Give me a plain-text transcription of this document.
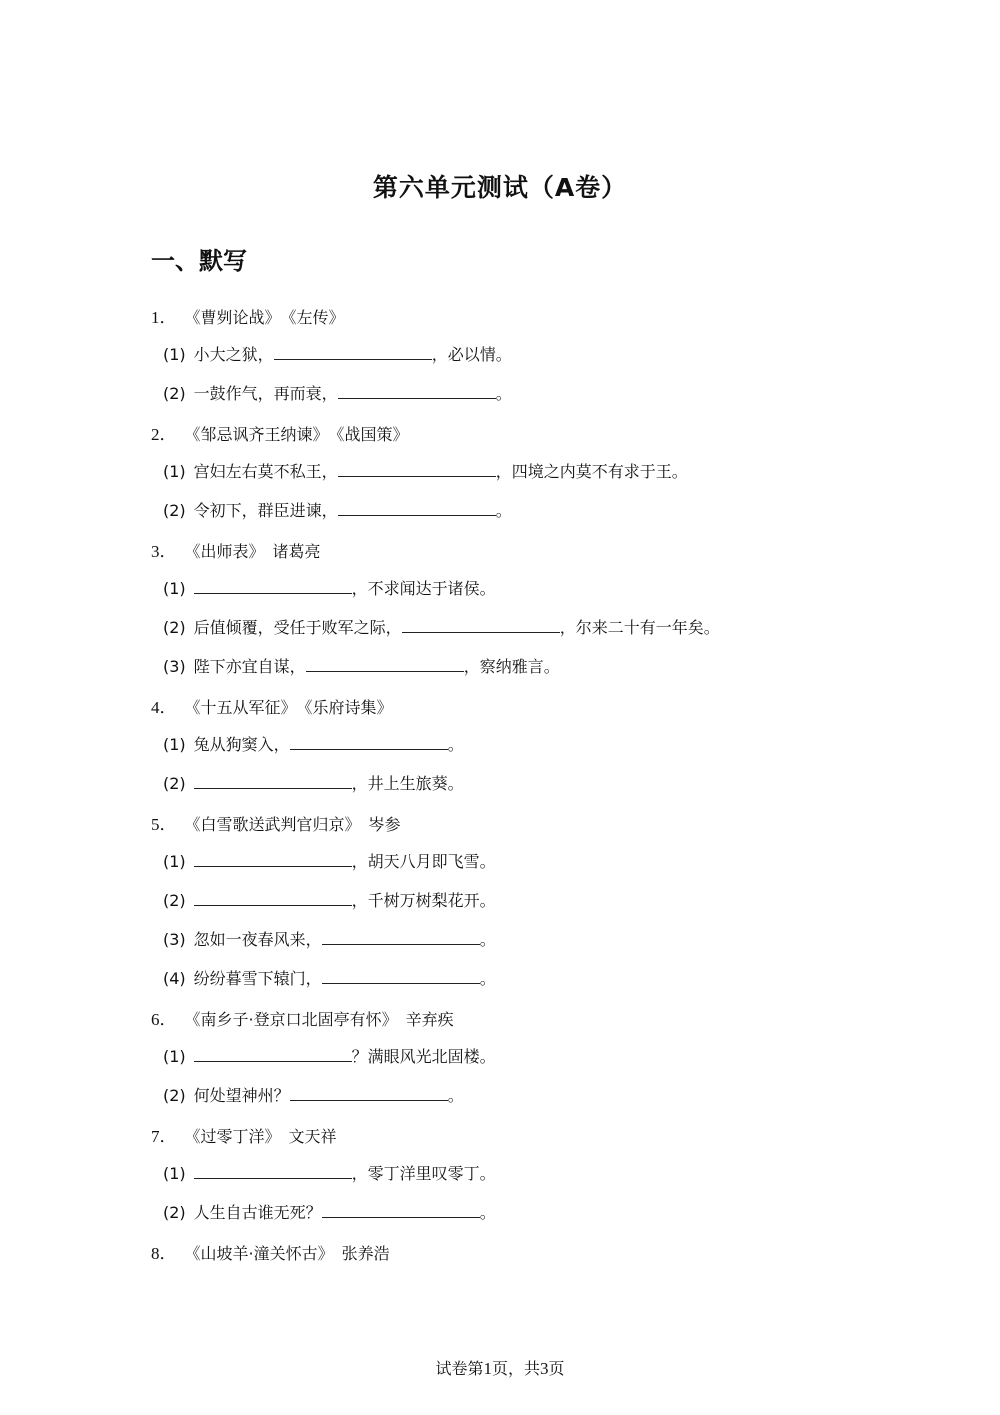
第六单元测试（A卷）
一、默写
1． 《曹刿论战》 《左传》
(1) 小大之狱，	，必以情。
(2) 一鼓作气，再而衰，	。
2． 《邹忌讽齐王纳谏》 《战国策》
(1) 宫妇左右莫不私王，	，四境之内莫不有求于王。
(2) 令初下，群臣进谏，	。
3． 《出师表》 诸葛亮
(1)	，不求闻达于诸侯。
(2) 后值倾覆，受任于败军之际，	，尔来二十有一年矣。
(3) 陛下亦宜自谋，	，察纳雅言。
4． 《十五从军征》 《乐府诗集》
(1) 兔从狗窦入，	。
(2)	，井上生旅葵。
5． 《白雪歌送武判官归京》 岑参
(1)	，胡天八月即飞雪。
(2)	，千树万树梨花开。
(3) 忽如一夜春风来，	。
(4) 纷纷暮雪下辕门，	。
6． 《南乡子·登京口北固亭有怀》 辛弃疾
(1)	？满眼风光北固楼。
(2) 何处望神州？	。
7． 《过零丁洋》 文天祥
(1)	，零丁洋里叹零丁。
(2) 人生自古谁无死？	。
8． 《山坡羊·潼关怀古》 张养浩
试卷第1页，共3页
